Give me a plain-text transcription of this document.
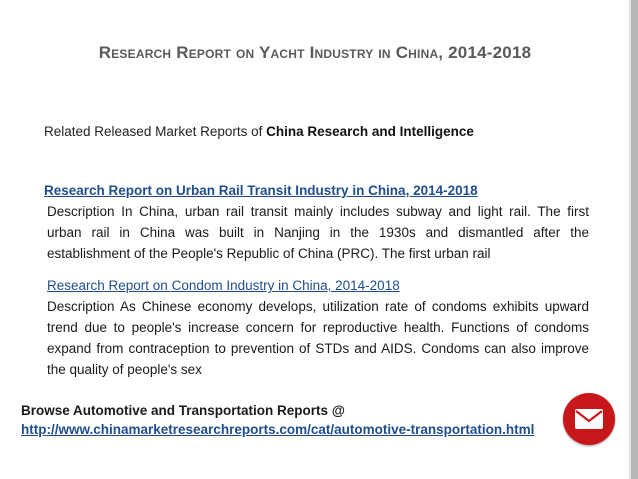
Research Report on Yacht Industry in China, 2014-2018
Related Released Market Reports of China Research and Intelligence
Research Report on Urban Rail Transit Industry in China, 2014-2018
Description In China, urban rail transit mainly includes subway and light rail. The first urban rail in China was built in Nanjing in the 1930s and dismantled after the establishment of the People's Republic of China (PRC). The first urban rail
Research Report on Condom Industry in China, 2014-2018
Description As Chinese economy develops, utilization rate of condoms exhibits upward trend due to people's increase concern for reproductive health. Functions of condoms expand from contraception to prevention of STDs and AIDS. Condoms can also improve the quality of people's sex
Browse Automotive and Transportation Reports @
http://www.chinamarketresearchreports.com/cat/automotive-transportation.html
